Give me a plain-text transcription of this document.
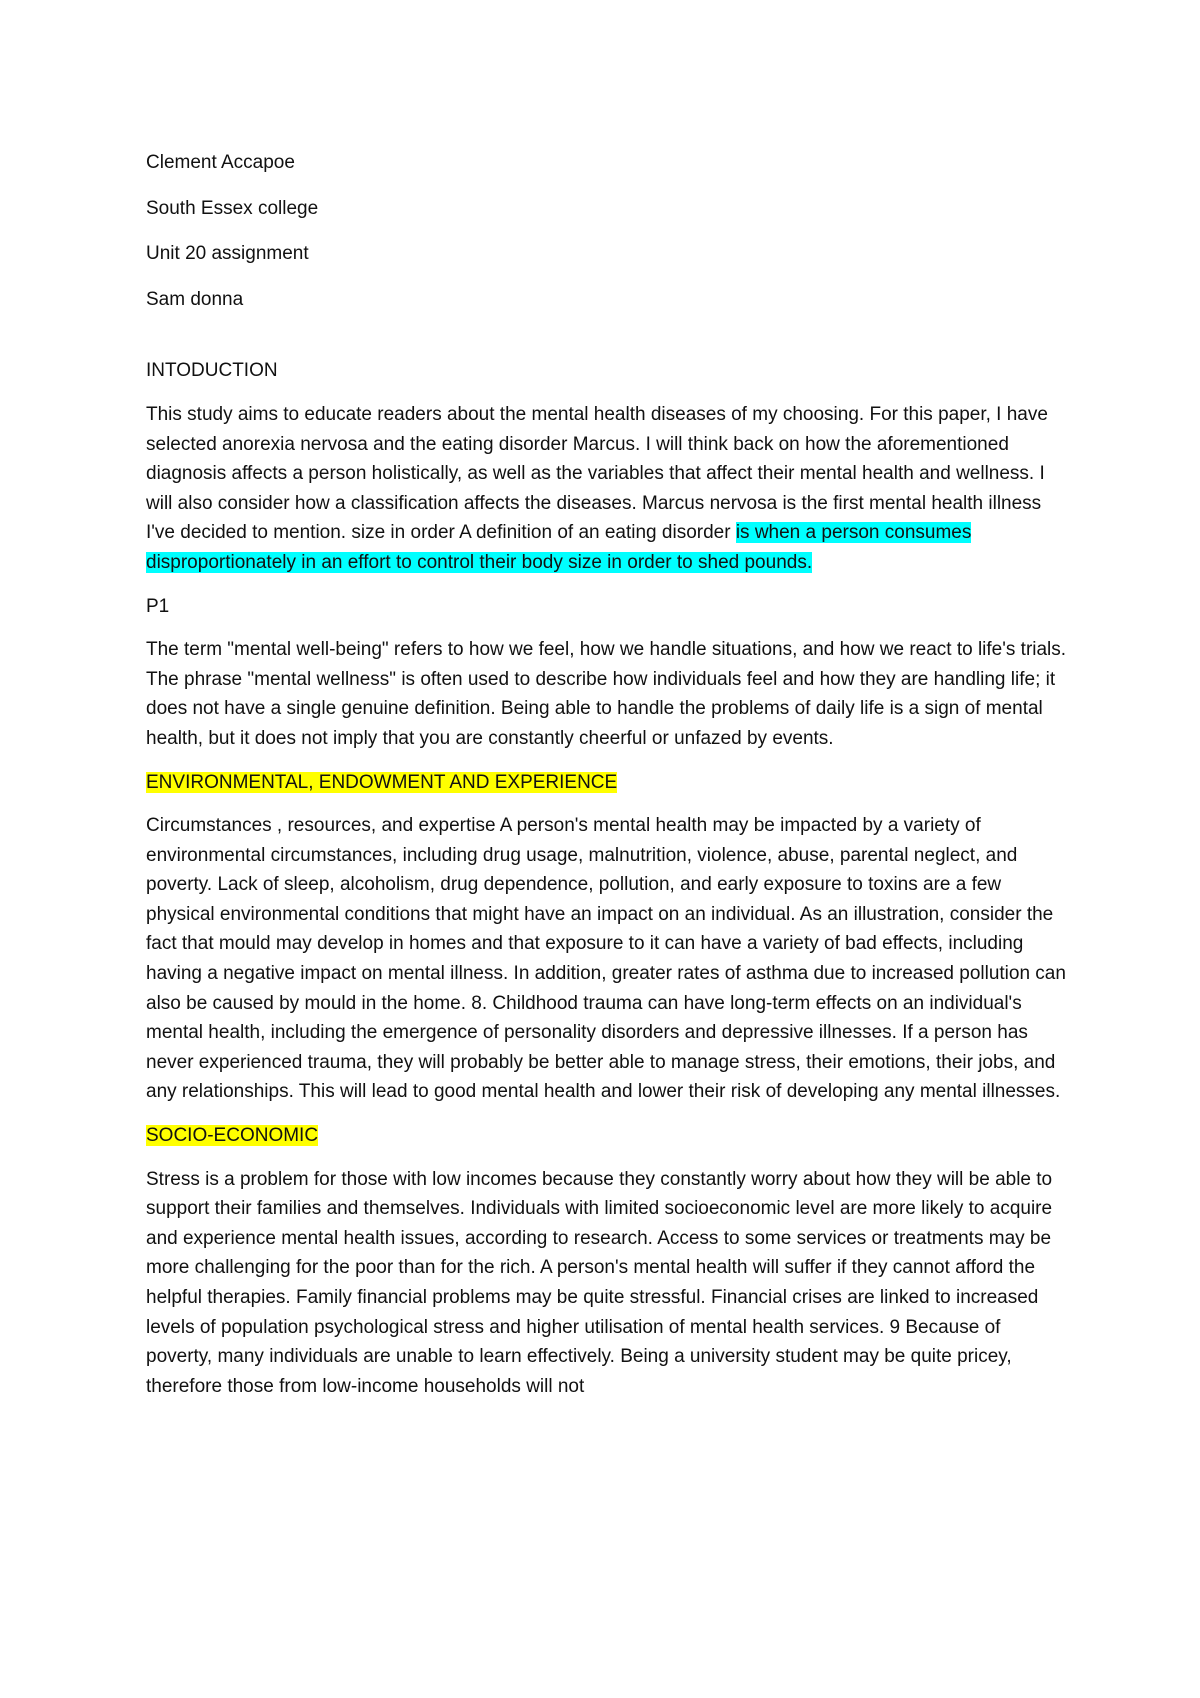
Clement Accapoe
South Essex college
Unit 20 assignment
Sam donna
INTODUCTION

This study aims to educate readers about the mental health diseases of my choosing. For this paper, I have selected anorexia nervosa and the eating disorder Marcus. I will think back on how the aforementioned diagnosis affects a person holistically, as well as the variables that affect their mental health and wellness. I will also consider how a classification affects the diseases. Marcus nervosa is the first mental health illness I've decided to mention. size in order A definition of an eating disorder is when a person consumes disproportionately in an effort to control their body size in order to shed pounds.

P1

The term "mental well-being" refers to how we feel, how we handle situations, and how we react to life's trials. The phrase "mental wellness" is often used to describe how individuals feel and how they are handling life; it does not have a single genuine definition. Being able to handle the problems of daily life is a sign of mental health, but it does not imply that you are constantly cheerful or unfazed by events.

ENVIRONMENTAL, ENDOWMENT AND EXPERIENCE

Circumstances , resources, and expertise A person's mental health may be impacted by a variety of environmental circumstances, including drug usage, malnutrition, violence, abuse, parental neglect, and poverty. Lack of sleep, alcoholism, drug dependence, pollution, and early exposure to toxins are a few physical environmental conditions that might have an impact on an individual. As an illustration, consider the fact that mould may develop in homes and that exposure to it can have a variety of bad effects, including having a negative impact on mental illness. In addition, greater rates of asthma due to increased pollution can also be caused by mould in the home. 8. Childhood trauma can have long-term effects on an individual's mental health, including the emergence of personality disorders and depressive illnesses. If a person has never experienced trauma, they will probably be better able to manage stress, their emotions, their jobs, and any relationships. This will lead to good mental health and lower their risk of developing any mental illnesses.

SOCIO-ECONOMIC

Stress is a problem for those with low incomes because they constantly worry about how they will be able to support their families and themselves. Individuals with limited socioeconomic level are more likely to acquire and experience mental health issues, according to research. Access to some services or treatments may be more challenging for the poor than for the rich. A person's mental health will suffer if they cannot afford the helpful therapies. Family financial problems may be quite stressful. Financial crises are linked to increased levels of population psychological stress and higher utilisation of mental health services. 9 Because of poverty, many individuals are unable to learn effectively. Being a university student may be quite pricey, therefore those from low-income households will not
